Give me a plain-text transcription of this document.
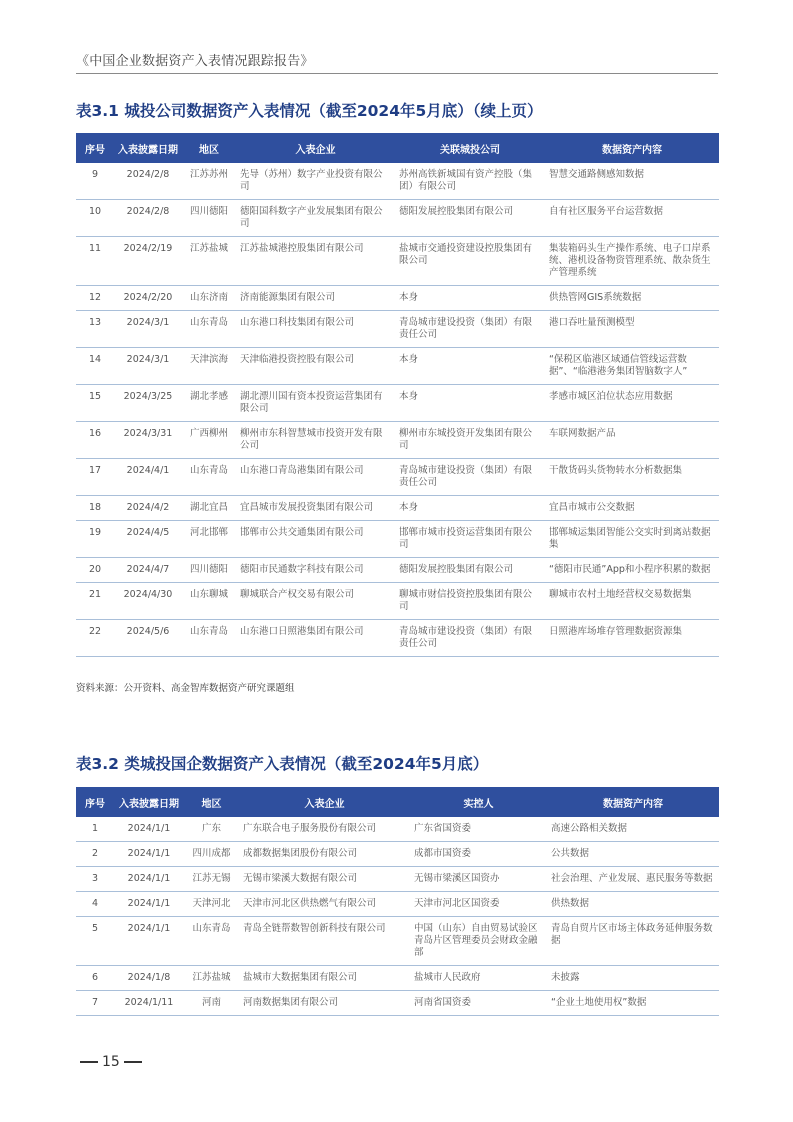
《中国企业数据资产入表情况跟踪报告》
表3.1 城投公司数据资产入表情况（截至2024年5月底）（续上页）
序号	入表披露日期	地区	入表企业	关联城投公司	数据资产内容
9	2024/2/8	江苏苏州	先导（苏州）数字产业投资有限公司	苏州高铁新城国有资产控股（集团）有限公司	智慧交通路侧感知数据
10	2024/2/8	四川德阳	德阳国科数字产业发展集团有限公司	德阳发展控股集团有限公司	自有社区服务平台运营数据
11	2024/2/19	江苏盐城	江苏盐城港控股集团有限公司	盐城市交通投资建设控股集团有限公司	集装箱码头生产操作系统、电子口岸系统、港机设备物资管理系统、散杂货生产管理系统
12	2024/2/20	山东济南	济南能源集团有限公司	本身	供热管网GIS系统数据
13	2024/3/1	山东青岛	山东港口科技集团有限公司	青岛城市建设投资（集团）有限责任公司	港口吞吐量预测模型
14	2024/3/1	天津滨海	天津临港投资控股有限公司	本身	“保税区临港区域通信管线运营数据”、“临港港务集团智脑数字人”
15	2024/3/25	湖北孝感	湖北漂川国有资本投资运营集团有限公司	本身	孝感市城区泊位状态应用数据
16	2024/3/31	广西柳州	柳州市东科智慧城市投资开发有限公司	柳州市东城投资开发集团有限公司	车联网数据产品
17	2024/4/1	山东青岛	山东港口青岛港集团有限公司	青岛城市建设投资（集团）有限责任公司	干散货码头货物转水分析数据集
18	2024/4/2	湖北宜昌	宜昌城市发展投资集团有限公司	本身	宜昌市城市公交数据
19	2024/4/5	河北邯郸	邯郸市公共交通集团有限公司	邯郸市城市投资运营集团有限公司	邯郸城运集团智能公交实时到离站数据集
20	2024/4/7	四川德阳	德阳市民通数字科技有限公司	德阳发展控股集团有限公司	“德阳市民通”App和小程序积累的数据
21	2024/4/30	山东聊城	聊城联合产权交易有限公司	聊城市财信投资控股集团有限公司	聊城市农村土地经营权交易数据集
22	2024/5/6	山东青岛	山东港口日照港集团有限公司	青岛城市建设投资（集团）有限责任公司	日照港库场堆存管理数据资源集
资料来源：公开资料、高金智库数据资产研究课题组
表3.2 类城投国企数据资产入表情况（截至2024年5月底）
序号	入表披露日期	地区	入表企业	实控人	数据资产内容
1	2024/1/1	广东	广东联合电子服务股份有限公司	广东省国资委	高速公路相关数据
2	2024/1/1	四川成都	成都数据集团股份有限公司	成都市国资委	公共数据
3	2024/1/1	江苏无锡	无锡市梁溪大数据有限公司	无锡市梁溪区国资办	社会治理、产业发展、惠民服务等数据
4	2024/1/1	天津河北	天津市河北区供热燃气有限公司	天津市河北区国资委	供热数据
5	2024/1/1	山东青岛	青岛全链帮数智创新科技有限公司	中国（山东）自由贸易试验区青岛片区管理委员会财政金融部	青岛自贸片区市场主体政务延伸服务数据
6	2024/1/8	江苏盐城	盐城市大数据集团有限公司	盐城市人民政府	未披露
7	2024/1/11	河南	河南数据集团有限公司	河南省国资委	“企业土地使用权”数据
15
